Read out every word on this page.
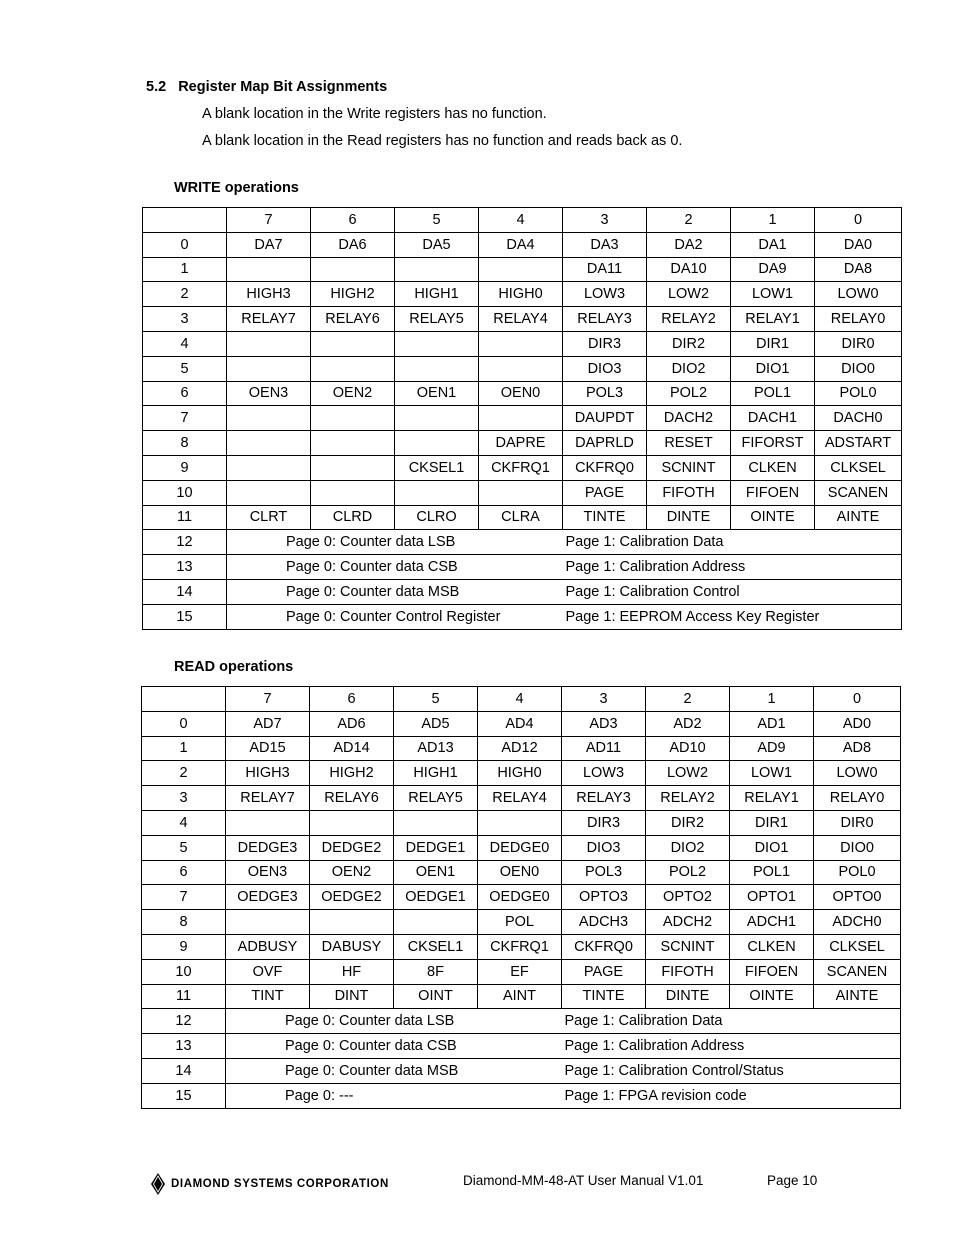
5.2 Register Map Bit Assignments
A blank location in the Write registers has no function.
A blank location in the Read registers has no function and reads back as 0.
WRITE operations
	7	6	5	4	3	2	1	0
0	DA7	DA6	DA5	DA4	DA3	DA2	DA1	DA0
1					DA11	DA10	DA9	DA8
2	HIGH3	HIGH2	HIGH1	HIGH0	LOW3	LOW2	LOW1	LOW0
3	RELAY7	RELAY6	RELAY5	RELAY4	RELAY3	RELAY2	RELAY1	RELAY0
4					DIR3	DIR2	DIR1	DIR0
5					DIO3	DIO2	DIO1	DIO0
6	OEN3	OEN2	OEN1	OEN0	POL3	POL2	POL1	POL0
7					DAUPDT	DACH2	DACH1	DACH0
8				DAPRE	DAPRLD	RESET	FIFORST	ADSTART
9			CKSEL1	CKFRQ1	CKFRQ0	SCNINT	CLKEN	CLKSEL
10					PAGE	FIFOTH	FIFOEN	SCANEN
11	CLRT	CLRD	CLRO	CLRA	TINTE	DINTE	OINTE	AINTE
12	Page 0: Counter data LSB				Page 1: Calibration Data			
13	Page 0: Counter data CSB				Page 1: Calibration Address			
14	Page 0: Counter data MSB				Page 1: Calibration Control			
15	Page 0: Counter Control Register				Page 1: EEPROM Access Key Register			
READ operations
	7	6	5	4	3	2	1	0
0	AD7	AD6	AD5	AD4	AD3	AD2	AD1	AD0
1	AD15	AD14	AD13	AD12	AD11	AD10	AD9	AD8
2	HIGH3	HIGH2	HIGH1	HIGH0	LOW3	LOW2	LOW1	LOW0
3	RELAY7	RELAY6	RELAY5	RELAY4	RELAY3	RELAY2	RELAY1	RELAY0
4					DIR3	DIR2	DIR1	DIR0
5	DEDGE3	DEDGE2	DEDGE1	DEDGE0	DIO3	DIO2	DIO1	DIO0
6	OEN3	OEN2	OEN1	OEN0	POL3	POL2	POL1	POL0
7	OEDGE3	OEDGE2	OEDGE1	OEDGE0	OPTO3	OPTO2	OPTO1	OPTO0
8				POL	ADCH3	ADCH2	ADCH1	ADCH0
9	ADBUSY	DABUSY	CKSEL1	CKFRQ1	CKFRQ0	SCNINT	CLKEN	CLKSEL
10	OVF	HF	8F	EF	PAGE	FIFOTH	FIFOEN	SCANEN
11	TINT	DINT	OINT	AINT	TINTE	DINTE	OINTE	AINTE
12	Page 0: Counter data LSB				Page 1: Calibration Data			
13	Page 0: Counter data CSB				Page 1: Calibration Address			
14	Page 0: Counter data MSB				Page 1: Calibration Control/Status			
15	Page 0: ---				Page 1: FPGA revision code			
DIAMOND SYSTEMS CORPORATION	Diamond-MM-48-AT User Manual V1.01	Page 10
